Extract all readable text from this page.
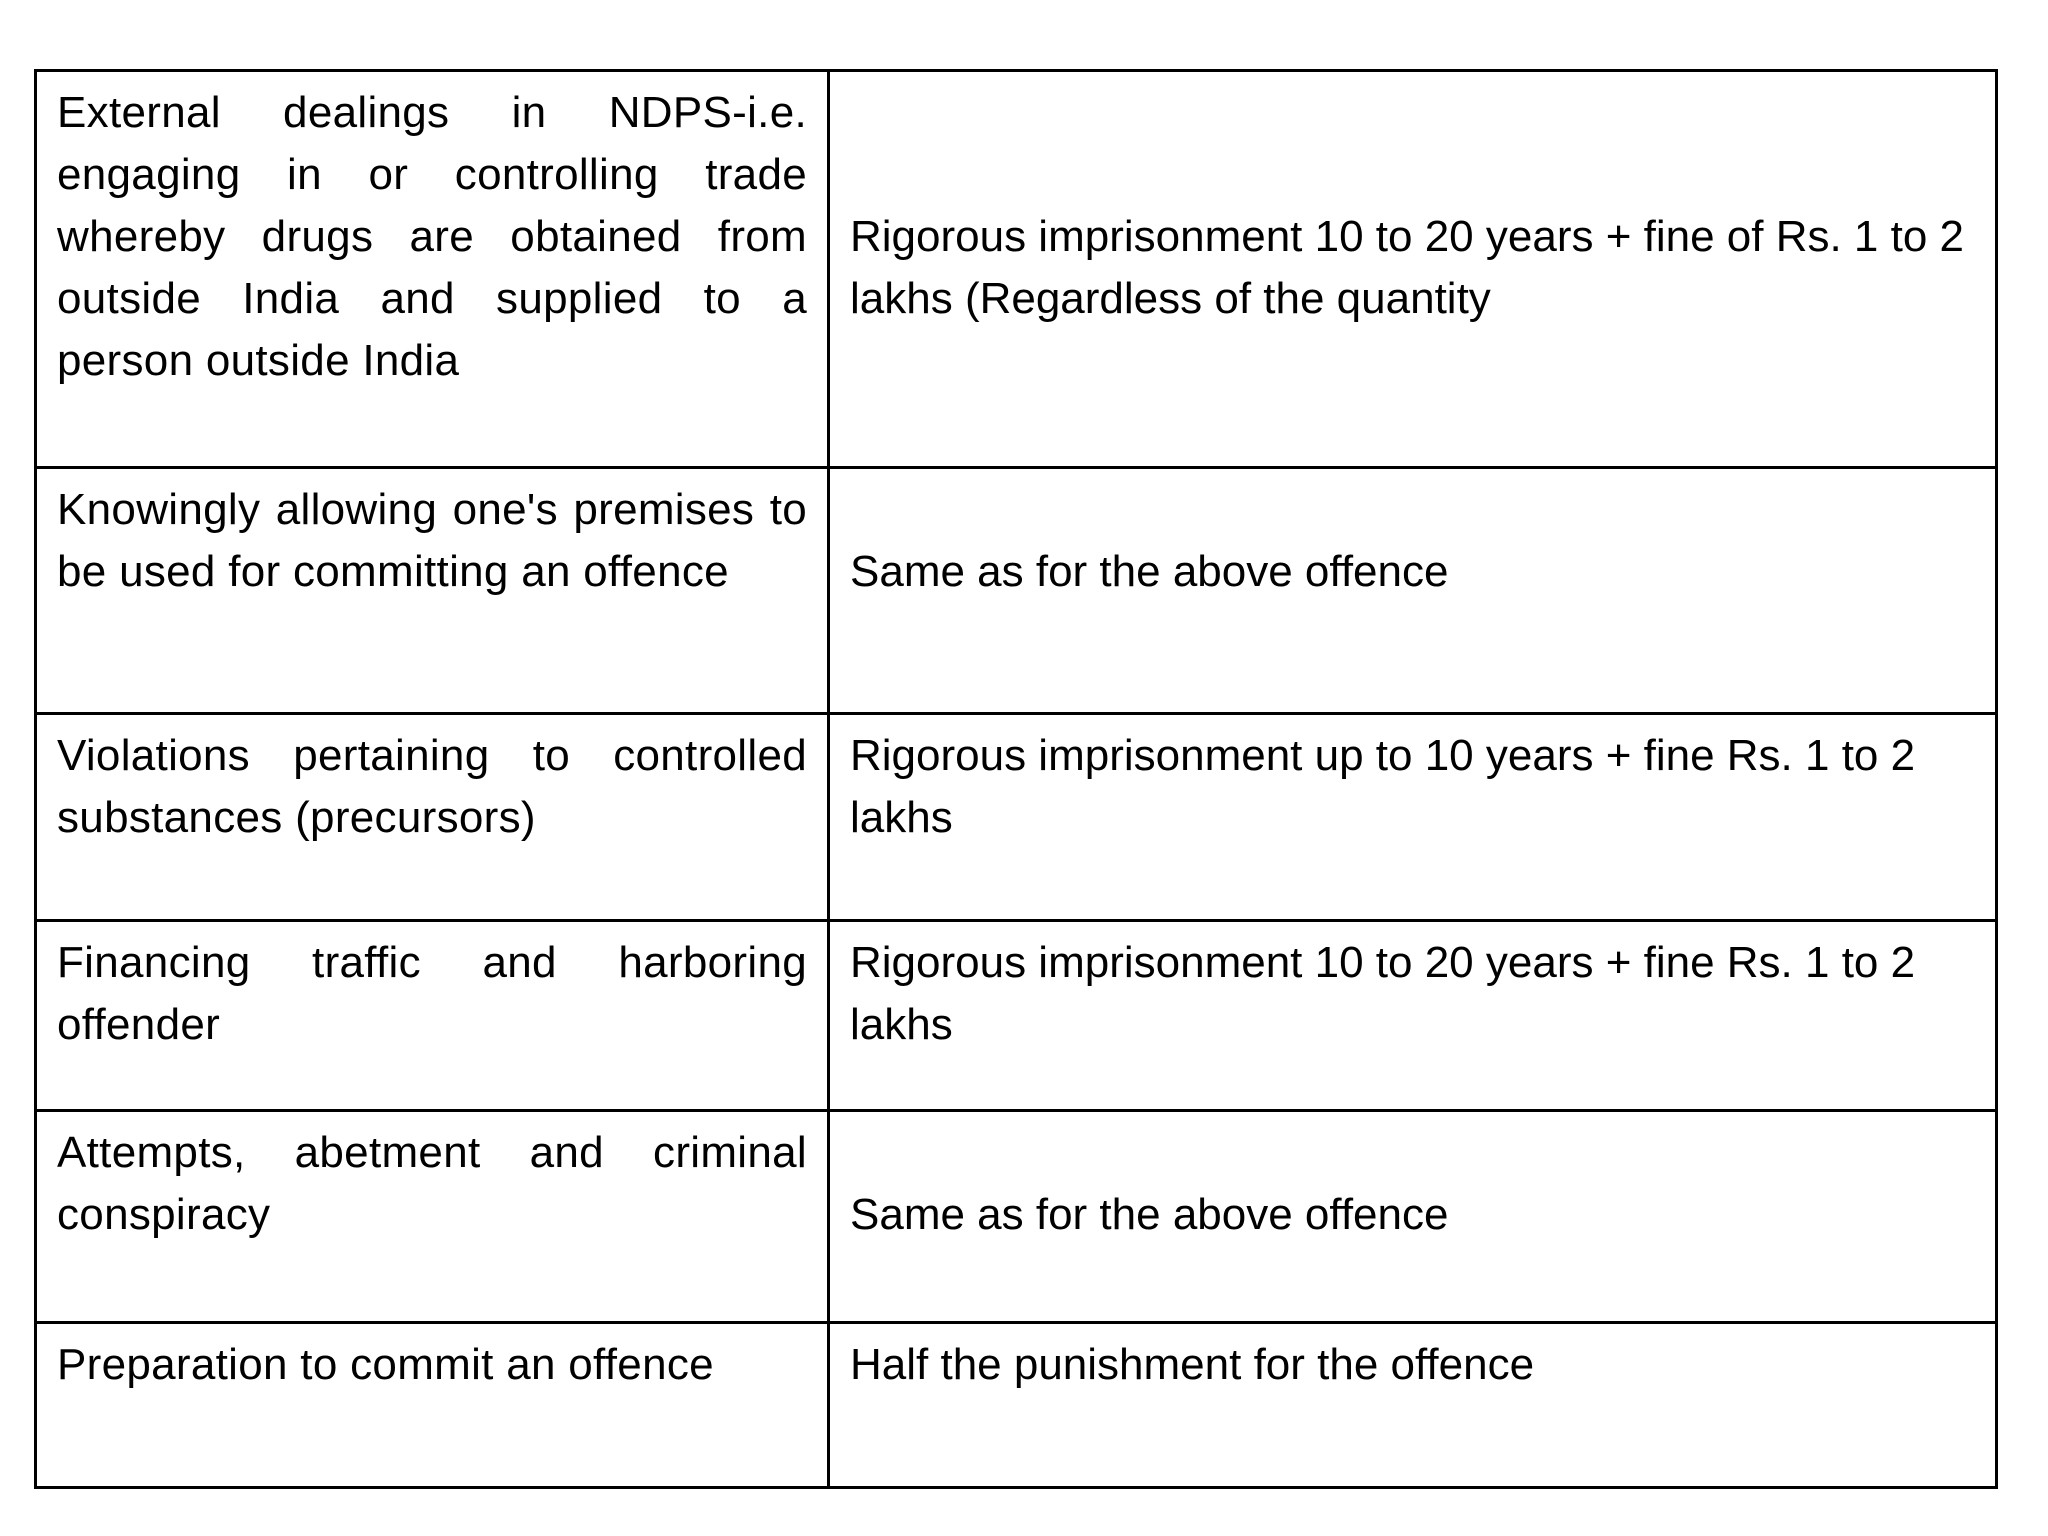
External dealings in NDPS-i.e. engaging in or controlling trade whereby drugs are obtained from outside India and supplied to a person outside India	Rigorous imprisonment 10 to 20 years + fine of Rs. 1 to 2 lakhs (Regardless of the quantity
Knowingly allowing one's premises to be used for committing an offence	Same as for the above offence
Violations pertaining to controlled substances (precursors)	Rigorous imprisonment up to 10 years + fine Rs. 1 to 2 lakhs
Financing traffic and harboring offender	Rigorous imprisonment 10 to 20 years + fine Rs. 1 to 2 lakhs
Attempts, abetment and criminal conspiracy	Same as for the above offence
Preparation to commit an offence	Half the punishment for the offence
